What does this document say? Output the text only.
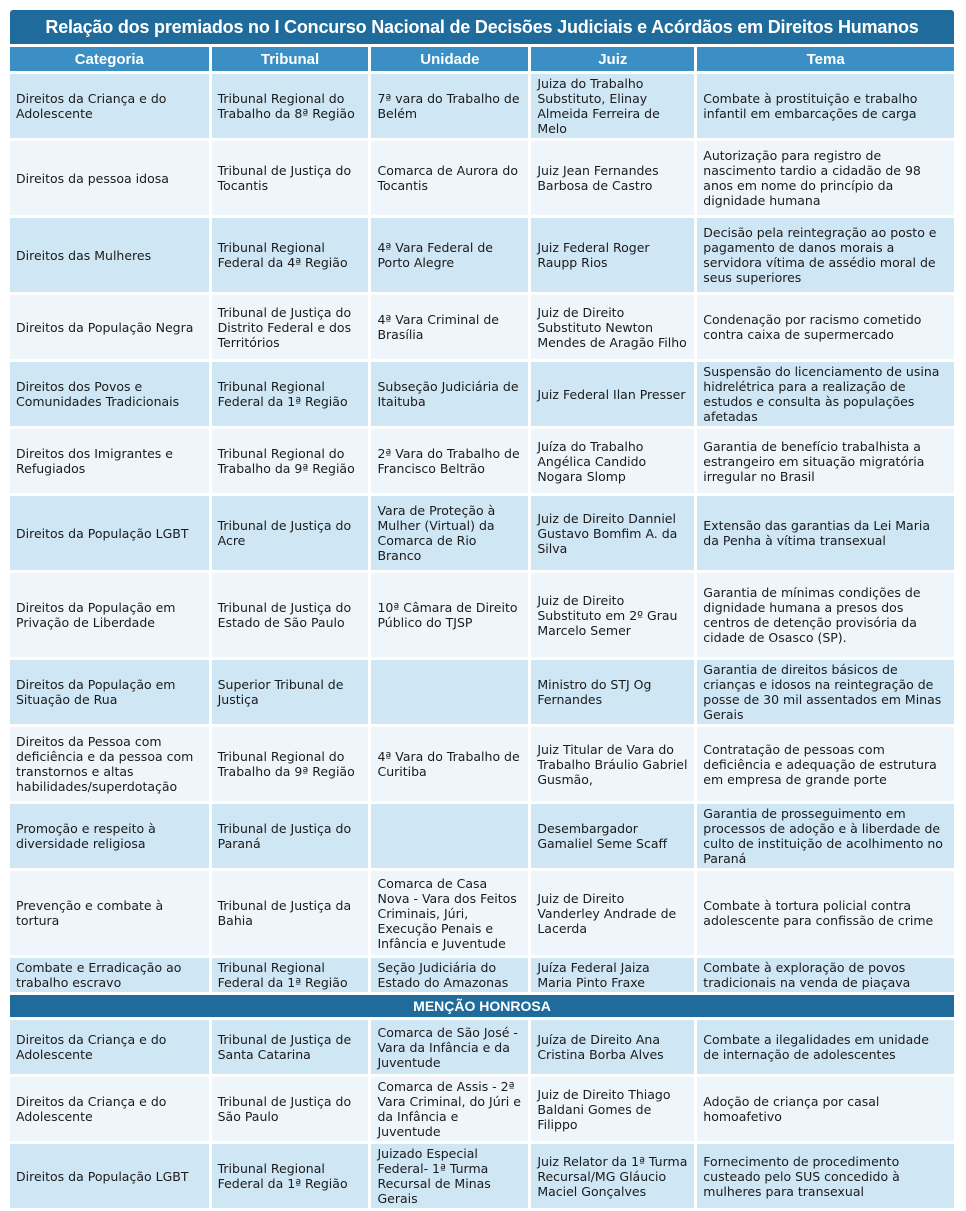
Relação dos premiados no I Concurso Nacional de Decisões Judiciais e Acórdãos em Direitos Humanos
Categoria	Tribunal	Unidade	Juiz	Tema
Direitos da Criança e do Adolescente	Tribunal Regional do Trabalho da 8ª Região	7ª vara do Trabalho de Belém	Juiza do Trabalho Substituto, Elinay Almeida Ferreira de Melo	Combate à prostituição e trabalho infantil em embarcações de carga
Direitos da pessoa idosa	Tribunal de Justiça do Tocantis	Comarca de Aurora do Tocantis	Juiz Jean Fernandes Barbosa de Castro	Autorização para registro de nascimento tardio a cidadão de 98 anos em nome do princípio da dignidade humana
Direitos das Mulheres	Tribunal Regional Federal da 4ª Região	4ª Vara Federal de Porto Alegre	Juiz Federal Roger Raupp Rios	Decisão pela reintegração ao posto e pagamento de danos morais a servidora vítima de assédio moral de seus superiores
Direitos da População Negra	Tribunal de Justiça do Distrito Federal e dos Territórios	4ª Vara Criminal de Brasília	Juiz de Direito Substituto Newton Mendes de Aragão Filho	Condenação por racismo cometido contra caixa de supermercado
Direitos dos Povos e Comunidades Tradicionais	Tribunal Regional Federal da 1ª Região	Subseção Judiciária de Itaituba	Juiz Federal Ilan Presser	Suspensão do licenciamento de usina hidrelétrica para a realização de estudos e consulta às populações afetadas
Direitos dos Imigrantes e Refugiados	Tribunal Regional do Trabalho da 9ª Região	2ª Vara do Trabalho de Francisco Beltrão	Juíza do Trabalho Angélica Candido Nogara Slomp	Garantia de benefício trabalhista a estrangeiro em situação migratória irregular no Brasil
Direitos da População LGBT	Tribunal de Justiça do Acre	Vara de Proteção à Mulher (Virtual) da Comarca de Rio Branco	Juiz de Direito Danniel Gustavo Bomfim A. da Silva	Extensão das garantias da Lei Maria da Penha à vítima transexual
Direitos da População em Privação de Liberdade	Tribunal de Justiça do Estado de São Paulo	10ª Câmara de Direito Público do TJSP	Juiz de Direito Substituto em 2º Grau Marcelo Semer	Garantia de mínimas condições de dignidade humana a presos dos centros de detenção provisória da cidade de Osasco (SP).
Direitos da População em Situação de Rua	Superior Tribunal de Justiça		Ministro do STJ Og Fernandes	Garantia de direitos básicos de crianças e idosos na reintegração de posse de 30 mil assentados em Minas Gerais
Direitos da Pessoa com deficiência e da pessoa com transtornos e altas habilidades/superdotação	Tribunal Regional do Trabalho da 9ª Região	4ª Vara do Trabalho de Curitiba	Juiz Titular de Vara do Trabalho Bráulio Gabriel Gusmão,	Contratação de pessoas com deficiência e adequação de estrutura em empresa de grande porte
Promoção e respeito à diversidade religiosa	Tribunal de Justiça do Paraná		Desembargador Gamaliel Seme Scaff	Garantia de prosseguimento em processos de adoção e à liberdade de culto de instituição de acolhimento no Paraná
Prevenção e combate à tortura	Tribunal de Justiça da Bahia	Comarca de Casa Nova - Vara dos Feitos Criminais, Júri, Execução Penais e Infância e Juventude	Juiz de Direito Vanderley Andrade de Lacerda	Combate à tortura policial contra adolescente para confissão de crime
Combate e Erradicação ao trabalho escravo	Tribunal Regional Federal da 1ª Região	Seção Judiciária do Estado do Amazonas	Juíza Federal Jaiza Maria Pinto Fraxe	Combate à exploração de povos tradicionais na venda de piaçava
MENÇÃO HONROSA				
Direitos da Criança e do Adolescente	Tribunal de Justiça de Santa Catarina	Comarca de São José - Vara da Infância e da Juventude	Juíza de Direito Ana Cristina Borba Alves	Combate a ilegalidades em unidade de internação de adolescentes
Direitos da Criança e do Adolescente	Tribunal de Justiça do São Paulo	Comarca de Assis - 2ª Vara Criminal, do Júri e da Infância e Juventude	Juiz de Direito Thiago Baldani Gomes de Filippo	Adoção de criança por casal homoafetivo
Direitos da População LGBT	Tribunal Regional Federal da 1ª Região	Juizado Especial Federal- 1ª Turma Recursal de Minas Gerais	Juiz Relator da 1ª Turma Recursal/MG Gláucio Maciel Gonçalves	Fornecimento de procedimento custeado pelo SUS concedido à mulheres para transexual
